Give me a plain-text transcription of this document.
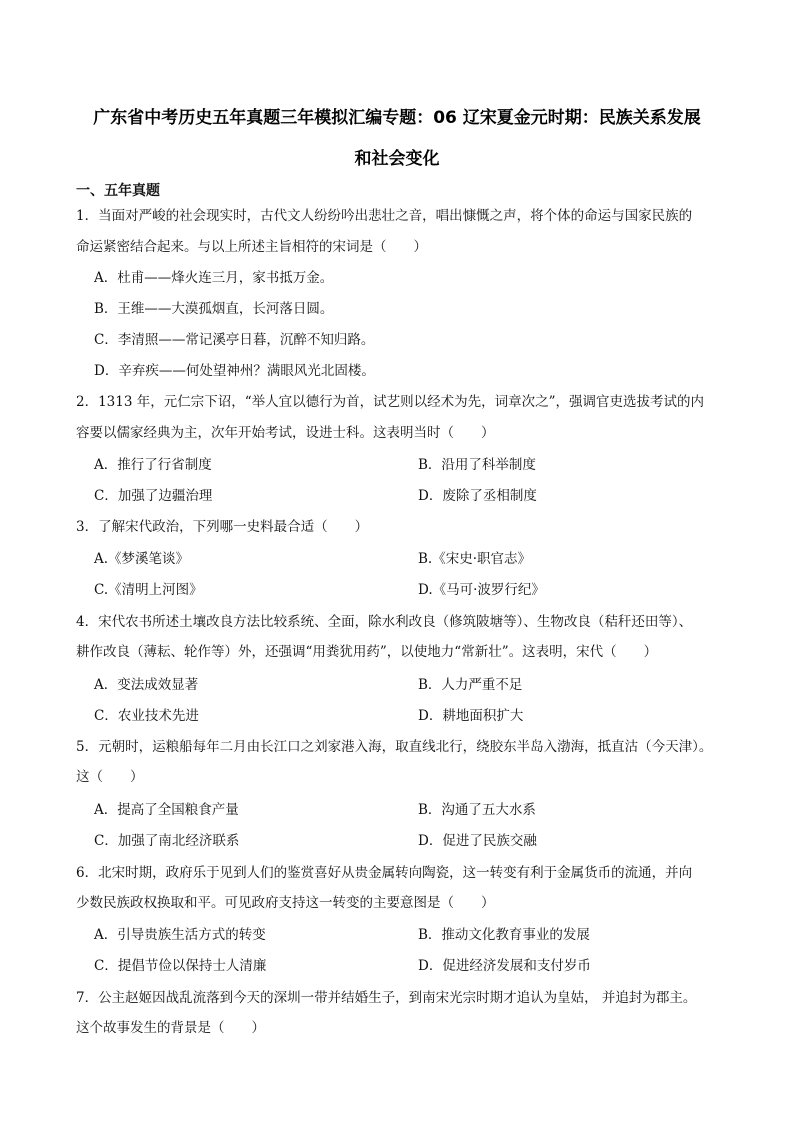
广东省中考历史五年真题三年模拟汇编专题：06 辽宋夏金元时期：民族关系发展
和社会变化
一、五年真题
1．当面对严峻的社会现实时，古代文人纷纷吟出悲壮之音，唱出慷慨之声，将个体的命运与国家民族的
命运紧密结合起来。与以上所述主旨相符的宋词是（　　）
A．杜甫——烽火连三月，家书抵万金。
B．王维——大漠孤烟直，长河落日圆。
C．李清照——常记溪亭日暮，沉醉不知归路。
D．辛弃疾——何处望神州？满眼风光北固楼。
2．1313 年，元仁宗下诏，“举人宜以德行为首，试艺则以经术为先，词章次之”，强调官吏选拔考试的内
容要以儒家经典为主，次年开始考试，设进士科。这表明当时（　　）
A．推行了行省制度	B．沿用了科举制度
C．加强了边疆治理	D．废除了丞相制度
3．了解宋代政治，下列哪一史料最合适（　　）
A.《梦溪笔谈》	B.《宋史·职官志》
C.《清明上河图》	D.《马可·波罗行纪》
4．宋代农书所述土壤改良方法比较系统、全面，除水利改良（修筑陂塘等）、生物改良（秸秆还田等）、
耕作改良（薄耘、轮作等）外，还强调“用粪犹用药”，以使地力“常新壮”。这表明，宋代（　　）
A．变法成效显著	B．人力严重不足
C．农业技术先进	D．耕地面积扩大
5．元朝时，运粮船每年二月由长江口之刘家港入海，取直线北行，绕胶东半岛入渤海，抵直沽（今天津）。
这（　　）
A．提高了全国粮食产量	B．沟通了五大水系
C．加强了南北经济联系	D．促进了民族交融
6．北宋时期，政府乐于见到人们的鉴赏喜好从贵金属转向陶瓷，这一转变有利于金属货币的流通，并向
少数民族政权换取和平。可见政府支持这一转变的主要意图是（　　）
A．引导贵族生活方式的转变	B．推动文化教育事业的发展
C．提倡节俭以保持士人清廉	D．促进经济发展和支付岁币
7．公主赵姬因战乱流落到今天的深圳一带并结婚生子，到南宋光宗时期才追认为皇姑， 并追封为郡主。
这个故事发生的背景是（　　）
